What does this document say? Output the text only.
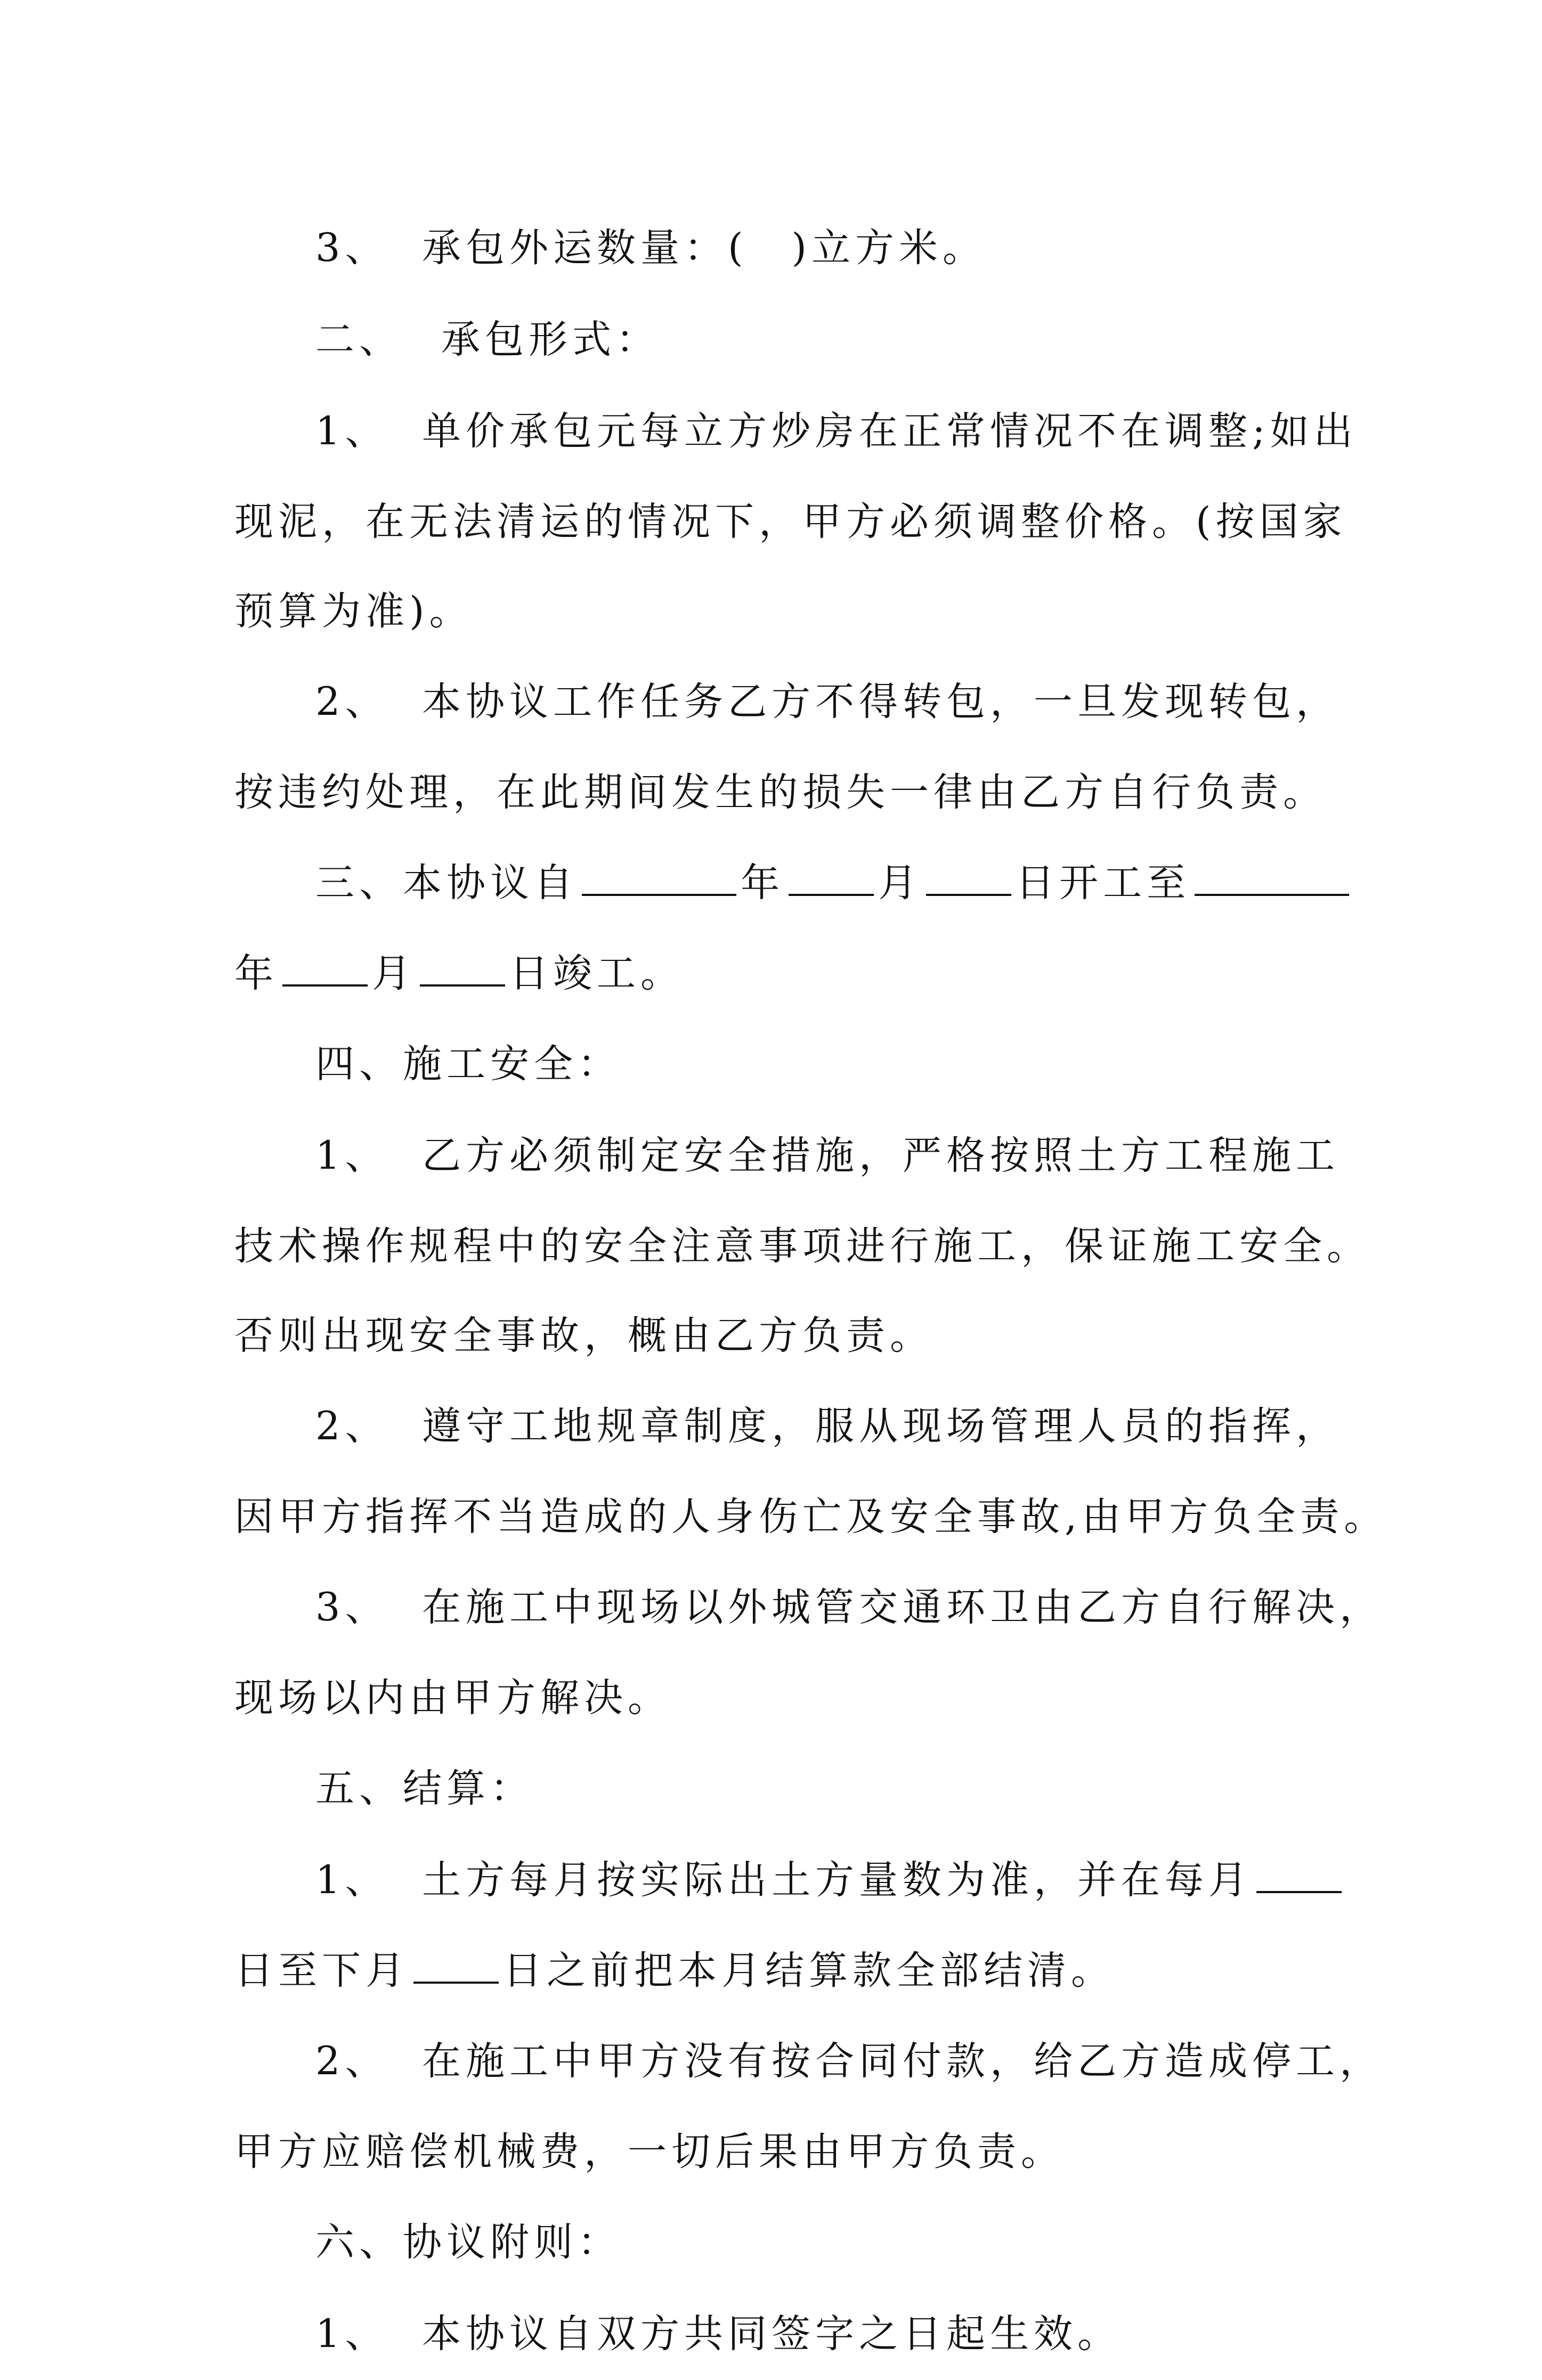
3、 承包外运数量：(　)立方米。
二、 承包形式：
1、 单价承包元每立方炒房在正常情况不在调整;如出
现泥，在无法清运的情况下，甲方必须调整价格。(按国家
预算为准)。
2、 本协议工作任务乙方不得转包，一旦发现转包，
按违约处理，在此期间发生的损失一律由乙方自行负责。
三、本协议自	年 月 日开工至
年 月 日竣工。
四、施工安全：
1、 乙方必须制定安全措施，严格按照土方工程施工
技术操作规程中的安全注意事项进行施工，保证施工安全。
否则出现安全事故，概由乙方负责。
2、 遵守工地规章制度，服从现场管理人员的指挥，
因甲方指挥不当造成的人身伤亡及安全事故,由甲方负全责。
3、 在施工中现场以外城管交通环卫由乙方自行解决，
现场以内由甲方解决。
五、结算：
1、 土方每月按实际出土方量数为准，并在每月
日至下月 日之前把本月结算款全部结清。
2、 在施工中甲方没有按合同付款，给乙方造成停工，
甲方应赔偿机械费，一切后果由甲方负责。
六、协议附则：
1、 本协议自双方共同签字之日起生效。
